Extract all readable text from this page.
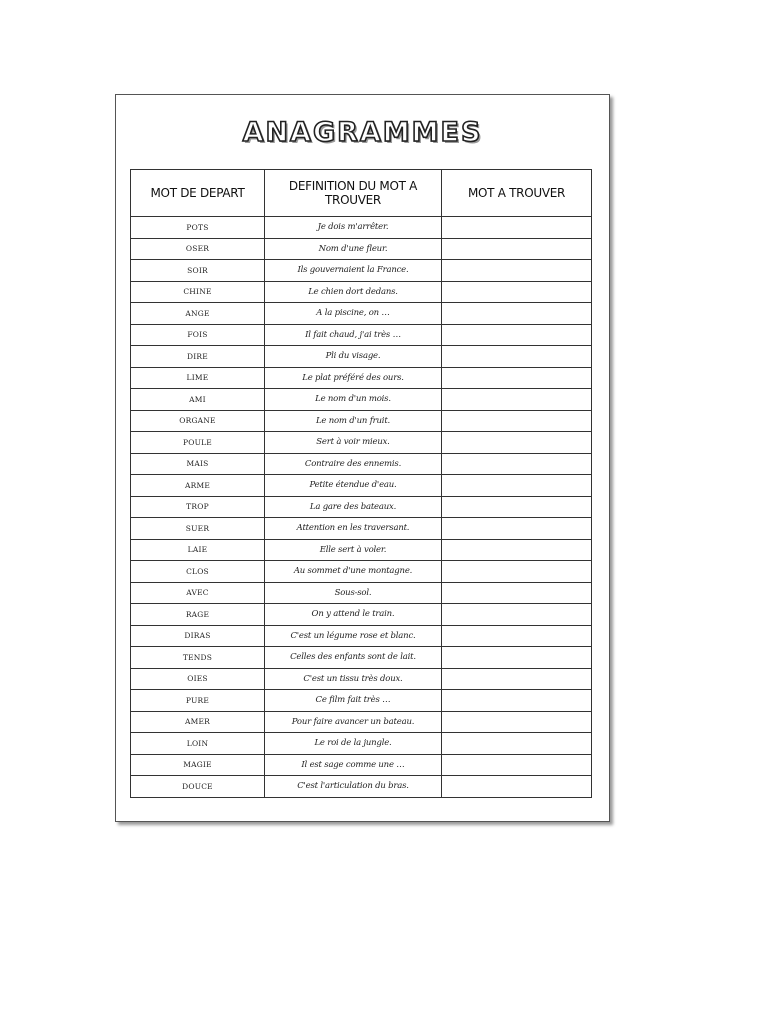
ANAGRAMMES
MOT DE DEPART	DEFINITION DU MOT A TROUVER	MOT A TROUVER
POTS	Je dois m'arrêter.	
OSER	Nom d'une fleur.	
SOIR	Ils gouvernaient la France.	
CHINE	Le chien dort dedans.	
ANGE	A la piscine, on …	
FOIS	Il fait chaud, j'ai très …	
DIRE	Pli du visage.	
LIME	Le plat préféré des ours.	
AMI	Le nom d'un mois.	
ORGANE	Le nom d'un fruit.	
POULE	Sert à voir mieux.	
MAIS	Contraire des ennemis.	
ARME	Petite étendue d'eau.	
TROP	La gare des bateaux.	
SUER	Attention en les traversant.	
LAIE	Elle sert à voler.	
CLOS	Au sommet d'une montagne.	
AVEC	Sous-sol.	
RAGE	On y attend le train.	
DIRAS	C'est un légume rose et blanc.	
TENDS	Celles des enfants sont de lait.	
OIES	C'est un tissu très doux.	
PURE	Ce film fait très …	
AMER	Pour faire avancer un bateau.	
LOIN	Le roi de la jungle.	
MAGIE	Il est sage comme une …	
DOUCE	C'est l'articulation du bras.	
